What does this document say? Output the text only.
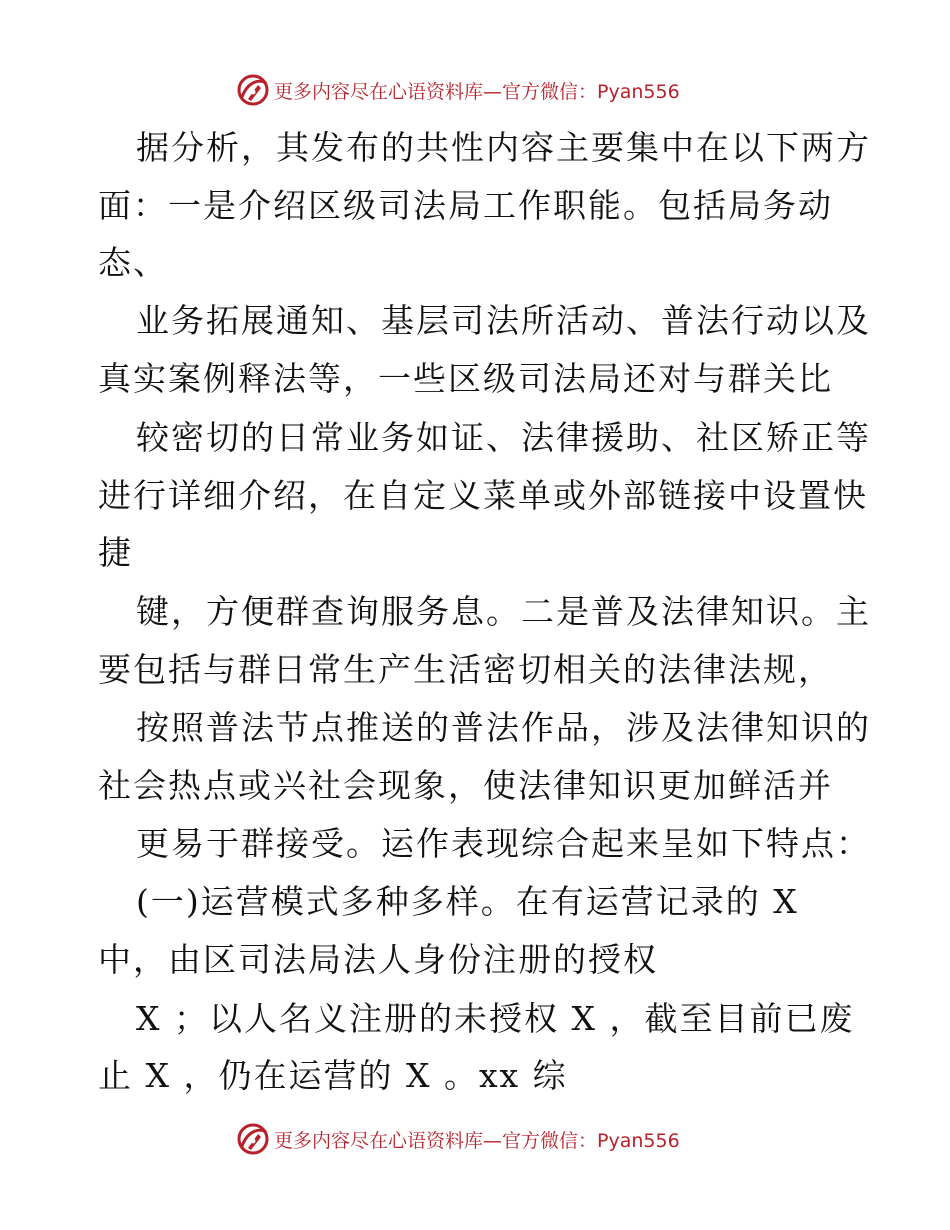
更多内容尽在心语资料库—官方微信：Pyan556
据分析，其发布的共性内容主要集中在以下两方
面：一是介绍区级司法局工作职能。包括局务动
态、
业务拓展通知、基层司法所活动、普法行动以及
真实案例释法等，一些区级司法局还对与群关比
较密切的日常业务如证、法律援助、社区矫正等
进行详细介绍，在自定义菜单或外部链接中设置快
捷
键，方便群查询服务息。二是普及法律知识。主
要包括与群日常生产生活密切相关的法律法规，
按照普法节点推送的普法作品，涉及法律知识的
社会热点或兴社会现象，使法律知识更加鲜活并
更易于群接受。运作表现综合起来呈如下特点：
(一)运营模式多种多样。在有运营记录的 X
中，由区司法局法人身份注册的授权
X ；以人名义注册的未授权 X ，截至目前已废
止 X ，仍在运营的 X 。xx 综
更多内容尽在心语资料库—官方微信：Pyan556
